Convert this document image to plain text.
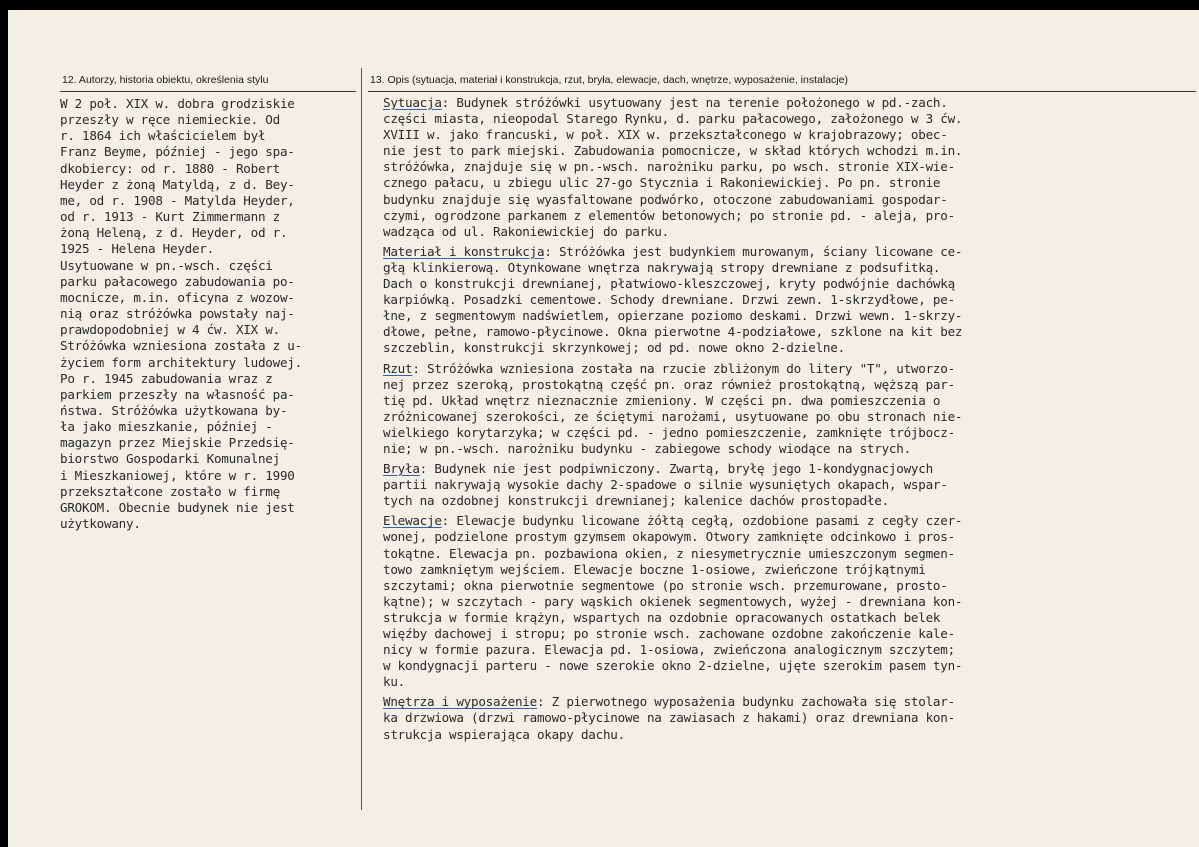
12. Autorzy, historia obiektu, określenia stylu	13. Opis (sytuacja, materiał i konstrukcja, rzut, bryła, elewacje, dach, wnętrze, wyposażenie, instalacje)
W 2 poł. XIX w. dobra grodziskie
przeszły w ręce niemieckie. Od
r. 1864 ich właścicielem był
Franz Beyme, później - jego spa-
dkobiercy: od r. 1880 - Robert
Heyder z żoną Matyldą, z d. Bey-
me, od r. 1908 - Matylda Heyder,
od r. 1913 - Kurt Zimmermann z
żoną Heleną, z d. Heyder, od r.
1925 - Helena Heyder.
Usytuowane w pn.-wsch. części
parku pałacowego zabudowania po-
mocnicze, m.in. oficyna z wozow-
nią oraz stróżówka powstały naj-
prawdopodobniej w 4 ćw. XIX w.
Stróżówka wzniesiona została z u-
życiem form architektury ludowej.
Po r. 1945 zabudowania wraz z
parkiem przeszły na własność pa-
ństwa. Stróżówka użytkowana by-
ła jako mieszkanie, później -
magazyn przez Miejskie Przedsię-
biorstwo Gospodarki Komunalnej
i Mieszkaniowej, które w r. 1990
przekształcone zostało w firmę
GROKOM. Obecnie budynek nie jest
użytkowany.
Sytuacja: Budynek stróżówki usytuowany jest na terenie położonego w pd.-zach.
części miasta, nieopodal Starego Rynku, d. parku pałacowego, założonego w 3 ćw.
XVIII w. jako francuski, w poł. XIX w. przekształconego w krajobrazowy; obec-
nie jest to park miejski. Zabudowania pomocnicze, w skład których wchodzi m.in.
stróżówka, znajduje się w pn.-wsch. narożniku parku, po wsch. stronie XIX-wie-
cznego pałacu, u zbiegu ulic 27-go Stycznia i Rakoniewickiej. Po pn. stronie
budynku znajduje się wyasfaltowane podwórko, otoczone zabudowaniami gospodar-
czymi, ogrodzone parkanem z elementów betonowych; po stronie pd. - aleja, pro-
wadząca od ul. Rakoniewickiej do parku.
Materiał i konstrukcja: Stróżówka jest budynkiem murowanym, ściany licowane ce-
głą klinkierową. Otynkowane wnętrza nakrywają stropy drewniane z podsufitką.
Dach o konstrukcji drewnianej, płatwiowo-kleszczowej, kryty podwójnie dachówką
karpiówką. Posadzki cementowe. Schody drewniane. Drzwi zewn. 1-skrzydłowe, pe-
łne, z segmentowym nadświetlem, opierzane poziomo deskami. Drzwi wewn. 1-skrzy-
dłowe, pełne, ramowo-płycinowe. Okna pierwotne 4-podziałowe, szklone na kit bez
szczeblin, konstrukcji skrzynkowej; od pd. nowe okno 2-dzielne.
Rzut: Stróżówka wzniesiona została na rzucie zbliżonym do litery "T", utworzo-
nej przez szeroką, prostokątną część pn. oraz również prostokątną, węższą par-
tię pd. Układ wnętrz nieznacznie zmieniony. W części pn. dwa pomieszczenia o
zróżnicowanej szerokości, ze ściętymi narożami, usytuowane po obu stronach nie-
wielkiego korytarzyka; w części pd. - jedno pomieszczenie, zamknięte trójbocz-
nie; w pn.-wsch. narożniku budynku - zabiegowe schody wiodące na strych.
Bryła: Budynek nie jest podpiwniczony. Zwartą, bryłę jego 1-kondygnacjowych
partii nakrywają wysokie dachy 2-spadowe o silnie wysuniętych okapach, wspar-
tych na ozdobnej konstrukcji drewnianej; kalenice dachów prostopadłe.
Elewacje: Elewacje budynku licowane żółtą cegłą, ozdobione pasami z cegły czer-
wonej, podzielone prostym gzymsem okapowym. Otwory zamknięte odcinkowo i pros-
tokątne. Elewacja pn. pozbawiona okien, z niesymetrycznie umieszczonym segmen-
towo zamkniętym wejściem. Elewacje boczne 1-osiowe, zwieńczone trójkątnymi
szczytami; okna pierwotnie segmentowe (po stronie wsch. przemurowane, prosto-
kątne); w szczytach - pary wąskich okienek segmentowych, wyżej - drewniana kon-
strukcja w formie krążyn, wspartych na ozdobnie opracowanych ostatkach belek
więźby dachowej i stropu; po stronie wsch. zachowane ozdobne zakończenie kale-
nicy w formie pazura. Elewacja pd. 1-osiowa, zwieńczona analogicznym szczytem;
w kondygnacji parteru - nowe szerokie okno 2-dzielne, ujęte szerokim pasem tyn-
ku.
Wnętrza i wyposażenie: Z pierwotnego wyposażenia budynku zachowała się stolar-
ka drzwiowa (drzwi ramowo-płycinowe na zawiasach z hakami) oraz drewniana kon-
strukcja wspierająca okapy dachu.
